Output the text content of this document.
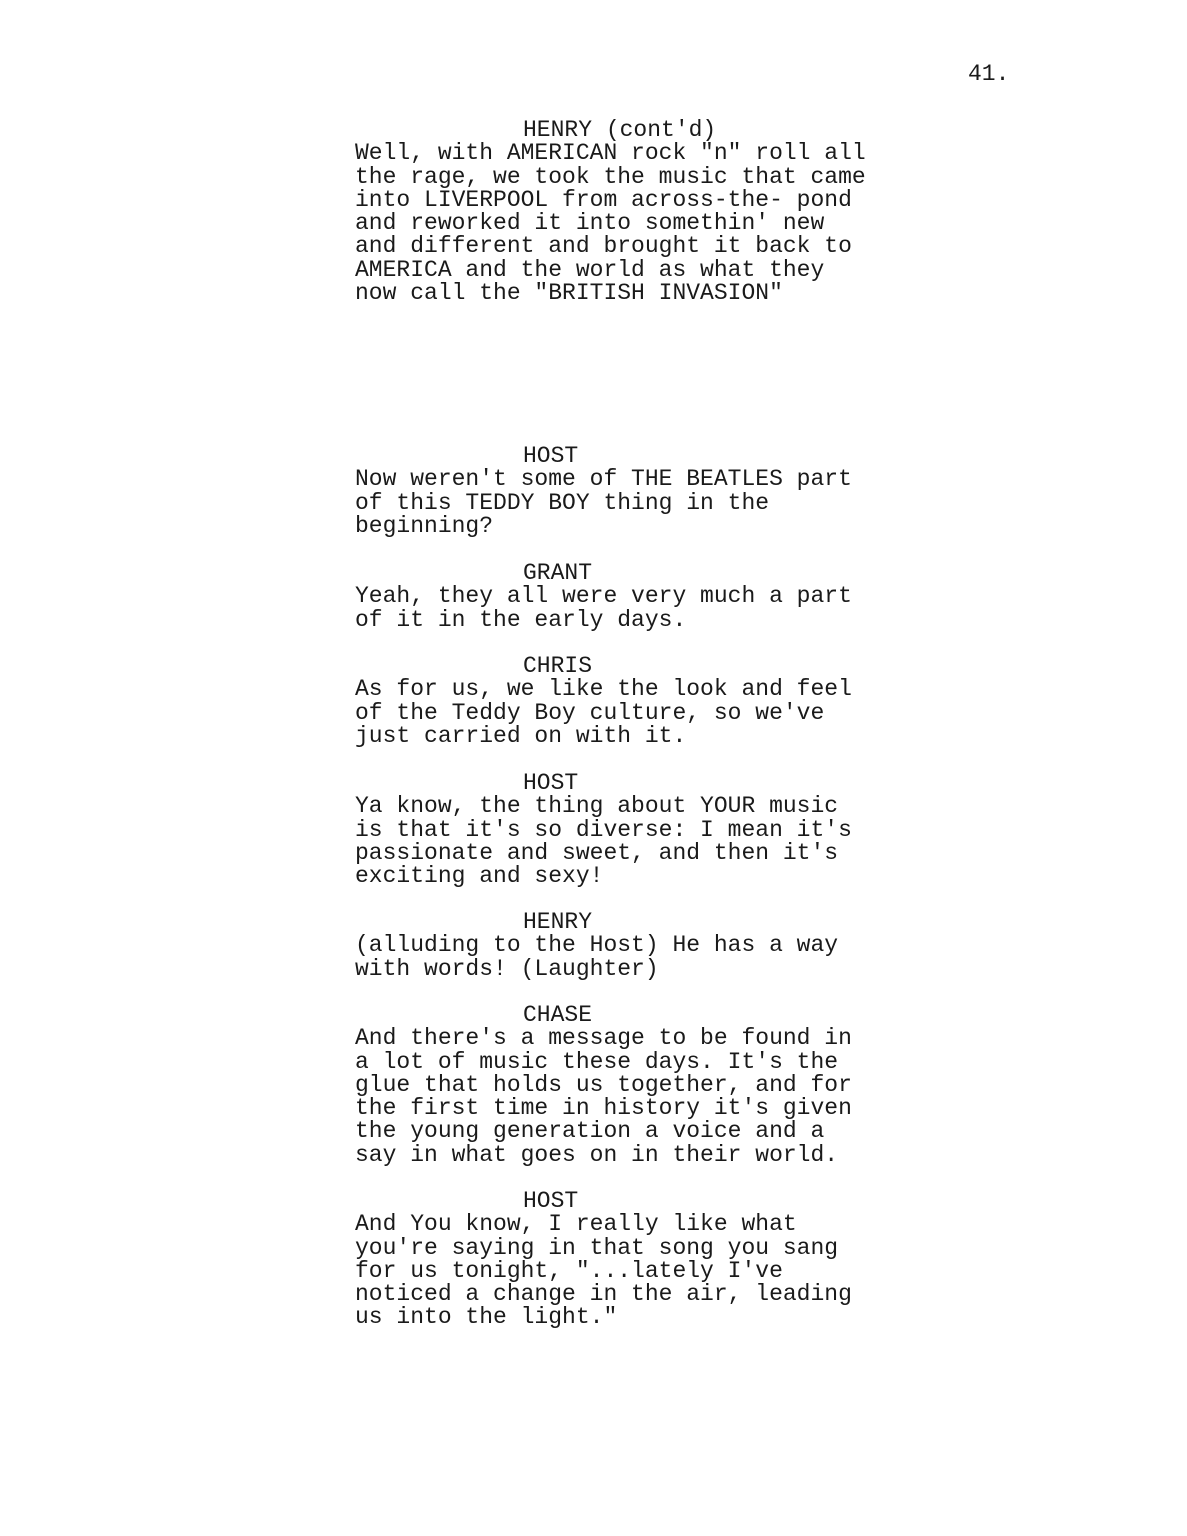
41.
HENRY (cont'd)
Well, with AMERICAN rock "n" roll all
the rage, we took the music that came
into LIVERPOOL from across-the- pond
and reworked it into somethin' new
and different and brought it back to
AMERICA and the world as what they
now call the "BRITISH INVASION"
HOST
Now weren't some of THE BEATLES part
of this TEDDY BOY thing in the
beginning?
GRANT
Yeah, they all were very much a part
of it in the early days.
CHRIS
As for us, we like the look and feel
of the Teddy Boy culture, so we've
just carried on with it.
HOST
Ya know, the thing about YOUR music
is that it's so diverse: I mean it's
passionate and sweet, and then it's
exciting and sexy!
HENRY
(alluding to the Host) He has a way
with words! (Laughter)
CHASE
And there's a message to be found in
a lot of music these days. It's the
glue that holds us together, and for
the first time in history it's given
the young generation a voice and a
say in what goes on in their world.
HOST
And You know, I really like what
you're saying in that song you sang
for us tonight, "...lately I've
noticed a change in the air, leading
us into the light."
